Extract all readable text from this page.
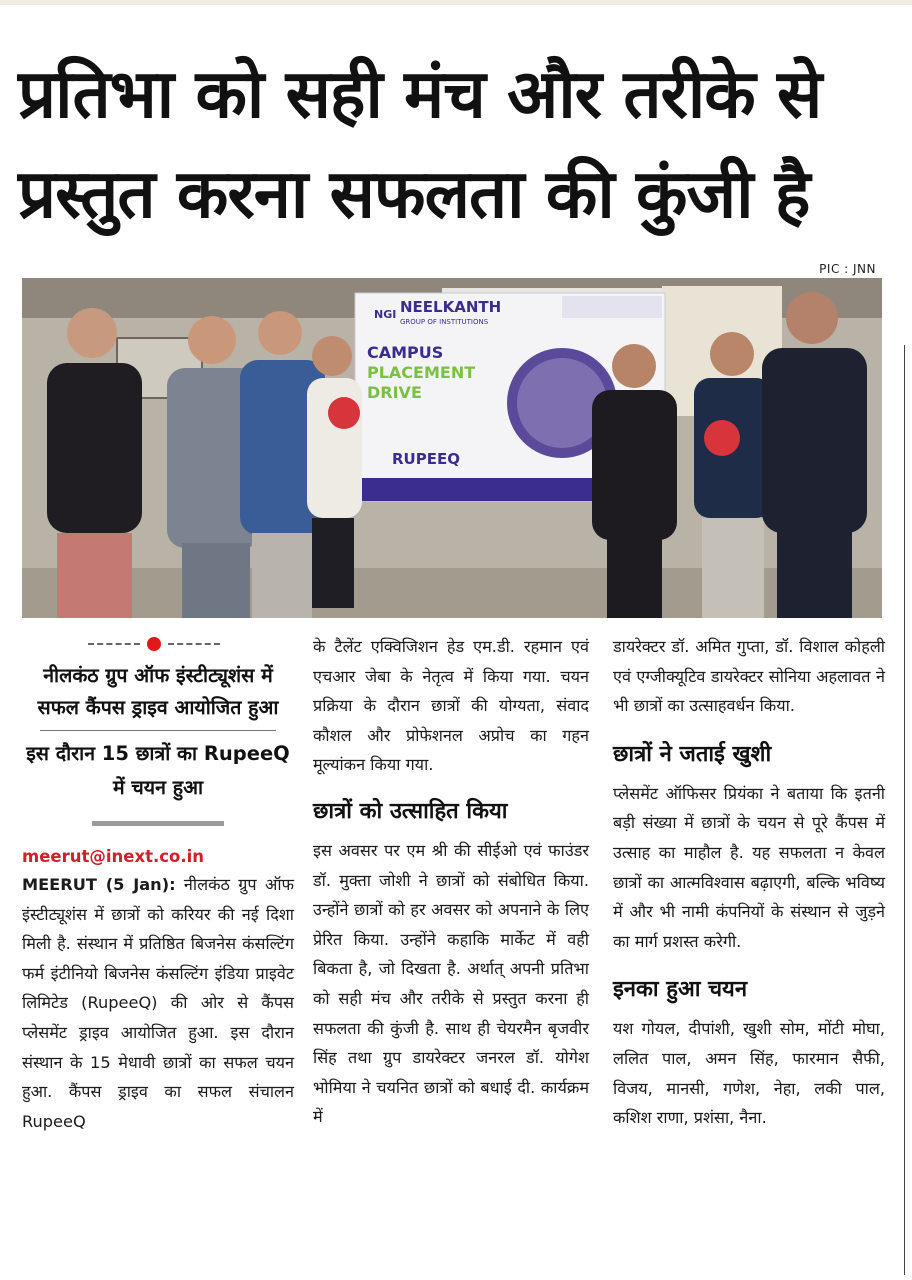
प्रतिभा को सही मंच और तरीके से
प्रस्तुत करना सफलता की कुंजी है
PIC : JNN
NGI NEELKANTH
GROUP OF INSTITUTIONS
CAMPUS
PLACEMENT
DRIVE
RUPEEQ

नीलकंठ ग्रुप ऑफ इंस्टीट्यूशंस में सफल कैंपस ड्राइव आयोजित हुआ

इस दौरान 15 छात्रों का RupeeQ में चयन हुआ

meerut@inext.co.in

MEERUT (5 Jan): नीलकंठ ग्रुप ऑफ इंस्टीट्यूशंस में छात्रों को करियर की नई दिशा मिली है. संस्थान में प्रतिष्ठित बिजनेस कंसल्टिंग फर्म इंटीनियो बिजनेस कंसल्टिंग इंडिया प्राइवेट लिमिटेड (RupeeQ) की ओर से कैंपस प्लेसमेंट ड्राइव आयोजित हुआ. इस दौरान संस्थान के 15 मेधावी छात्रों का सफल चयन हुआ. कैंपस ड्राइव का सफल संचालन RupeeQ

के टैलेंट एक्विजिशन हेड एम.डी. रहमान एवं एचआर जेबा के नेतृत्व में किया गया. चयन प्रक्रिया के दौरान छात्रों की योग्यता, संवाद कौशल और प्रोफेशनल अप्रोच का गहन मूल्यांकन किया गया.

छात्रों को उत्साहित किया

इस अवसर पर एम श्री की सीईओ एवं फाउंडर डॉ. मुक्ता जोशी ने छात्रों को संबोधित किया. उन्होंने छात्रों को हर अवसर को अपनाने के लिए प्रेरित किया. उन्होंने कहाकि मार्केट में वही बिकता है, जो दिखता है. अर्थात् अपनी प्रतिभा को सही मंच और तरीके से प्रस्तुत करना ही सफलता की कुंजी है. साथ ही चेयरमैन बृजवीर सिंह तथा ग्रुप डायरेक्टर जनरल डॉ. योगेश भोमिया ने चयनित छात्रों को बधाई दी. कार्यक्रम में

डायरेक्टर डॉ. अमित गुप्ता, डॉ. विशाल कोहली एवं एग्जीक्यूटिव डायरेक्टर सोनिया अहलावत ने भी छात्रों का उत्साहवर्धन किया.

छात्रों ने जताई खुशी

प्लेसमेंट ऑफिसर प्रियंका ने बताया कि इतनी बड़ी संख्या में छात्रों के चयन से पूरे कैंपस में उत्साह का माहौल है. यह सफलता न केवल छात्रों का आत्मविश्वास बढ़ाएगी, बल्कि भविष्य में और भी नामी कंपनियों के संस्थान से जुड़ने का मार्ग प्रशस्त करेगी.

इनका हुआ चयन

यश गोयल, दीपांशी, खुशी सोम, मोंटी मोघा, ललित पाल, अमन सिंह, फारमान सैफी, विजय, मानसी, गणेश, नेहा, लकी पाल, कशिश राणा, प्रशंसा, नैना.
